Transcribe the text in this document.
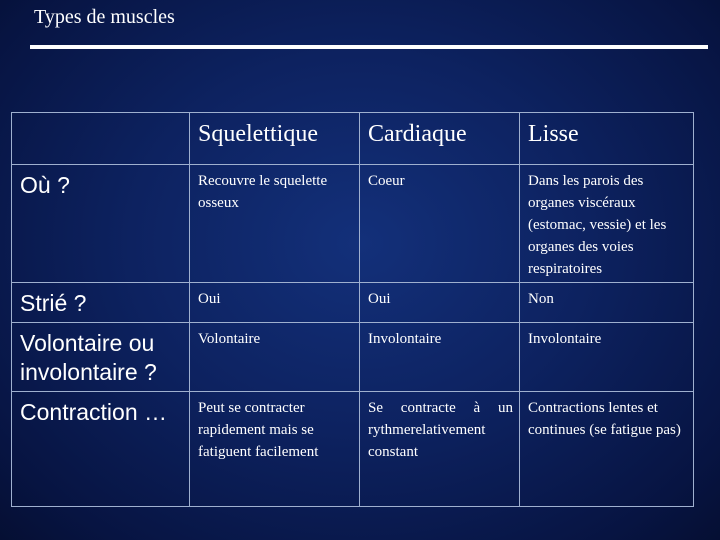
Types de muscles
	Squelettique	Cardiaque	Lisse
Où ?	Recouvre le squelette osseux	Coeur	Dans les parois des organes viscéraux (estomac, vessie) et les organes des voies respiratoires
Strié ?	Oui	Oui	Non
Volontaire ou involontaire ?	Volontaire	Involontaire	Involontaire
Contraction …	Peut se contracter rapidement mais se fatiguent facilement	Se contracte à un rythmerelativement constant	Contractions lentes et continues (se fatigue pas)
